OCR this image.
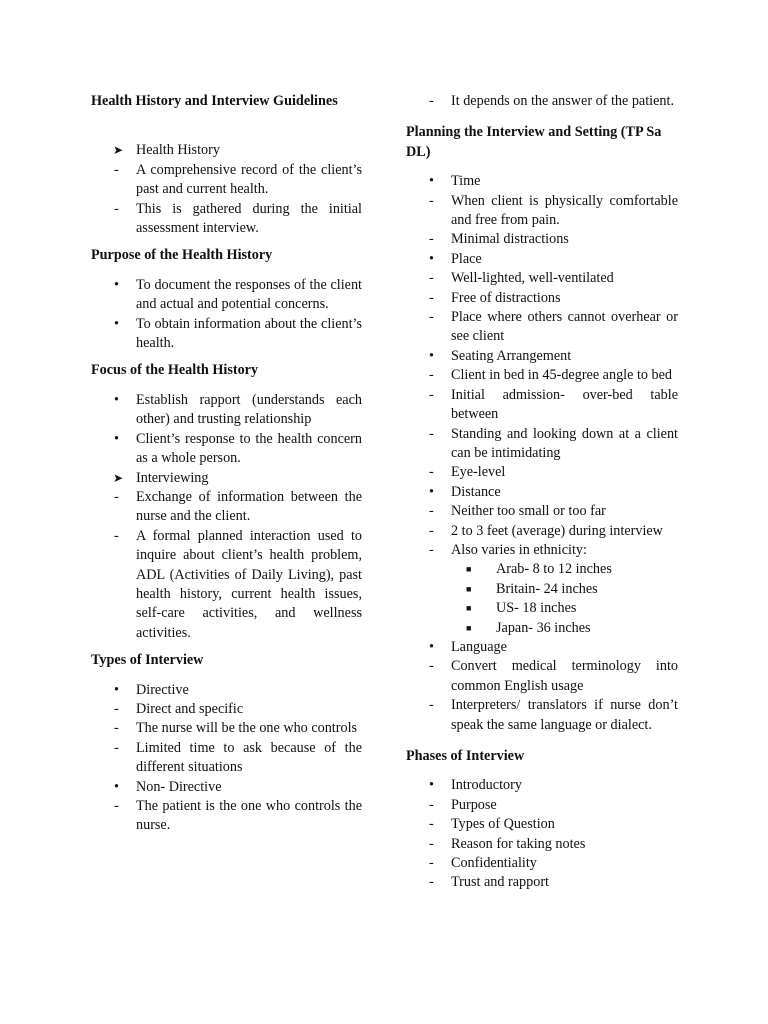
Health History and Interview Guidelines

➤ Health History
-	A comprehensive record of the client’s past and current health.
-	This is gathered during the initial assessment interview.

Purpose of the Health History

•	To document the responses of the client and actual and potential concerns.
•	To obtain information about the client’s health.

Focus of the Health History

•	Establish rapport (understands each other) and trusting relationship
•	Client’s response to the health concern as a whole person.
➤ Interviewing
-	Exchange of information between the nurse and the client.
-	A formal planned interaction used to inquire about client’s health problem, ADL (Activities of Daily Living), past health history, current health issues, self-care activities, and wellness activities.

Types of Interview

•	Directive
-	Direct and specific
-	The nurse will be the one who controls
-	Limited time to ask because of the different situations
•	Non- Directive
-	The patient is the one who controls the nurse.
-	It depends on the answer of the patient.

Planning the Interview and Setting (TP Sa DL)

•	Time
-	When client is physically comfortable and free from pain.
-	Minimal distractions
•	Place
-	Well-lighted, well-ventilated
-	Free of distractions
-	Place where others cannot overhear or see client
•	Seating Arrangement
-	Client in bed in 45-degree angle to bed
-	Initial admission- over-bed table between
-	Standing and looking down at a client can be intimidating
-	Eye-level
•	Distance
-	Neither too small or too far
-	2 to 3 feet (average) during interview
-	Also varies in ethnicity:
■	Arab- 8 to 12 inches
■	Britain- 24 inches
■	US- 18 inches
■	Japan- 36 inches
•	Language
-	Convert medical terminology into common English usage
-	Interpreters/ translators if nurse don’t speak the same language or dialect.

Phases of Interview

•	Introductory
-	Purpose
-	Types of Question
-	Reason for taking notes
-	Confidentiality
-	Trust and rapport
